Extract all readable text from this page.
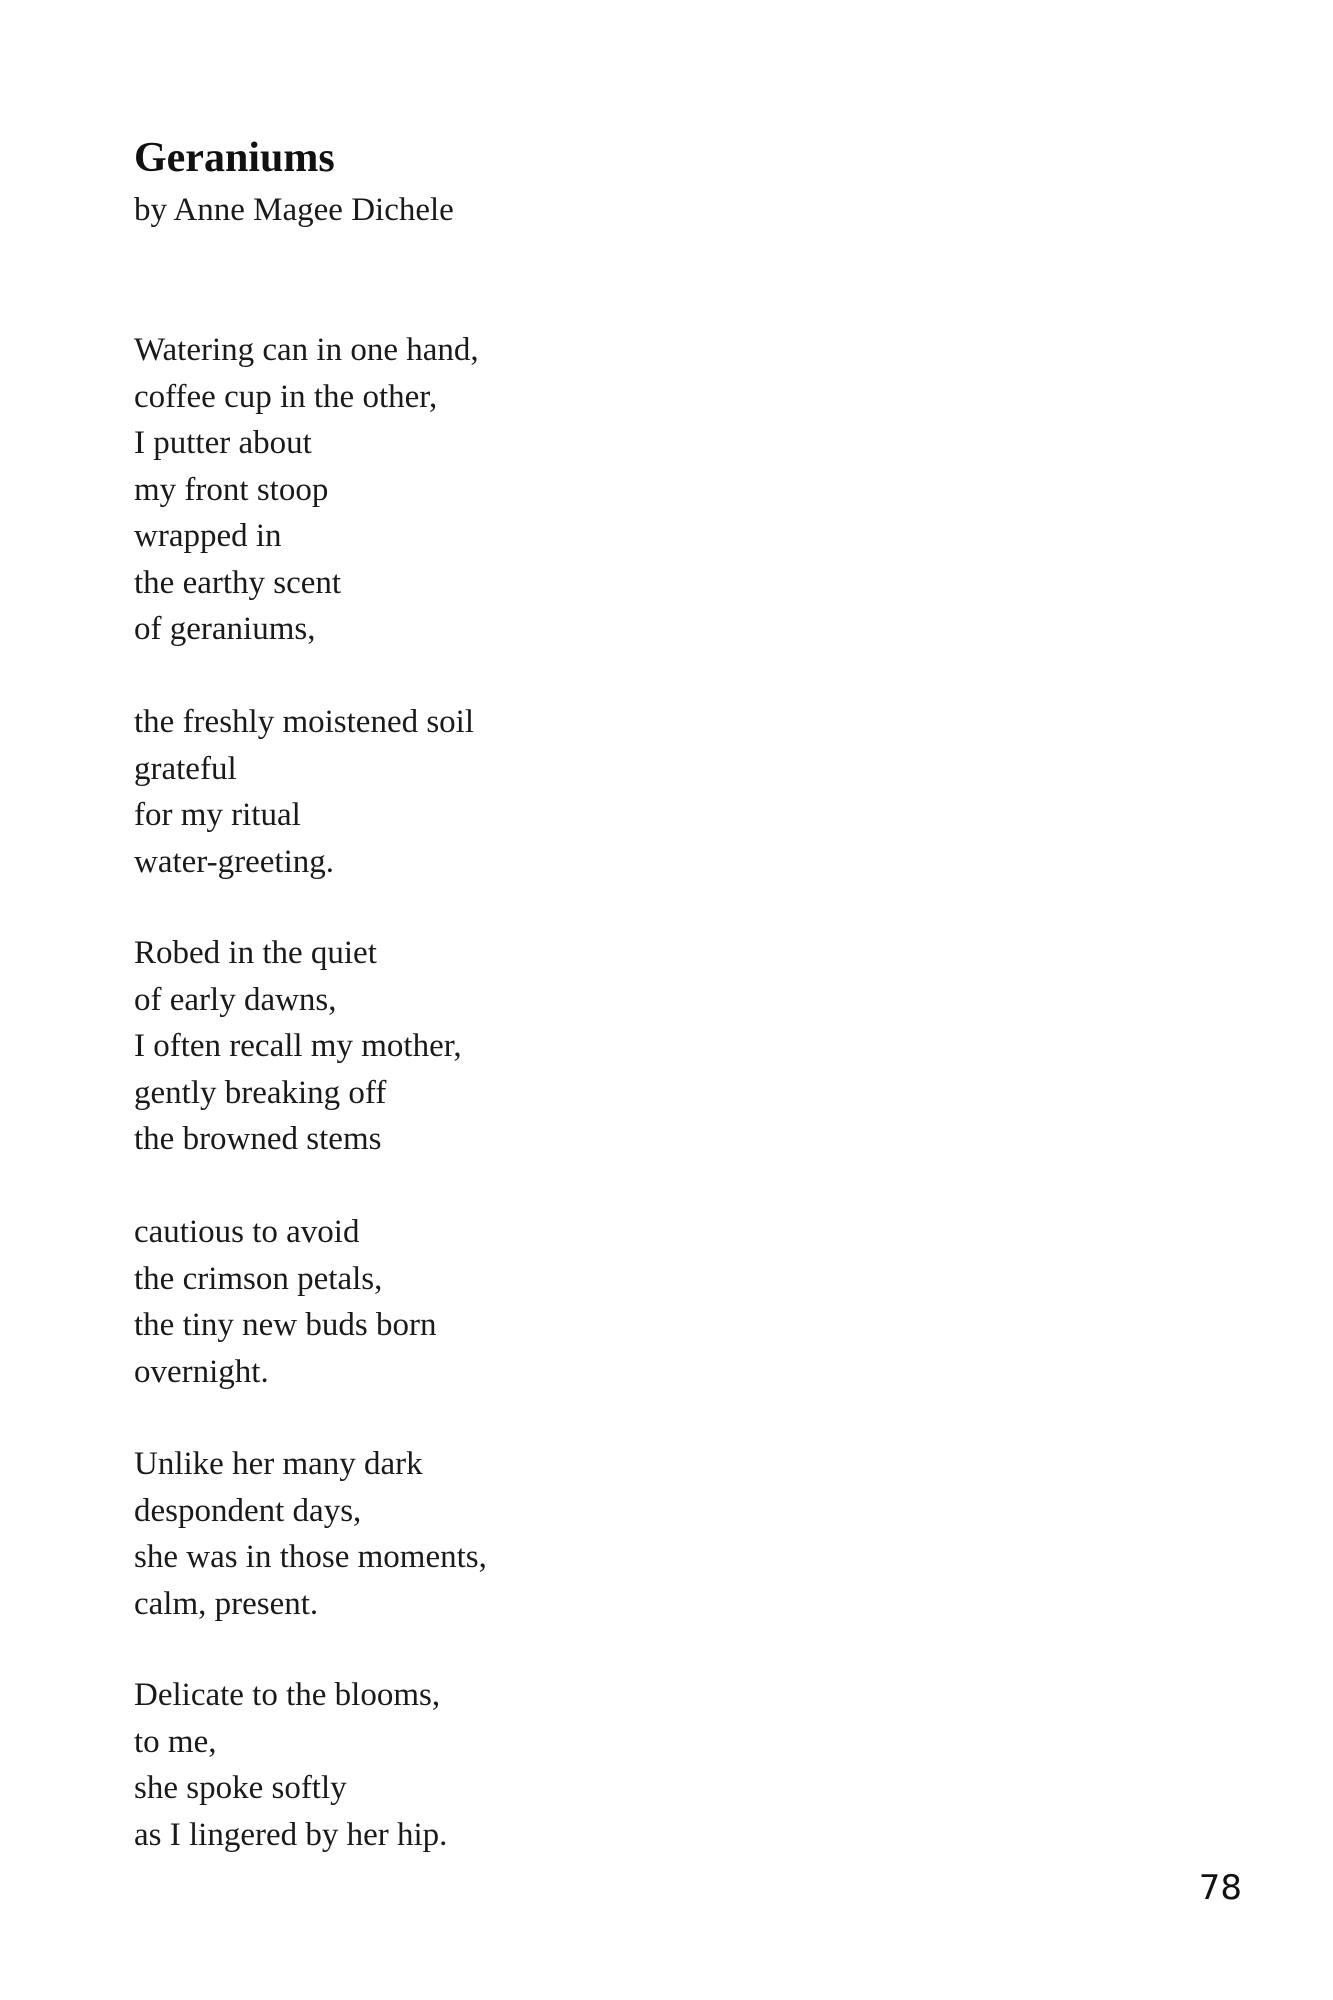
Geraniums

by Anne Magee Dichele

Watering can in one hand,
coffee cup in the other,
I putter about
my front stoop
wrapped in
the earthy scent
of geraniums,
the freshly moistened soil
grateful
for my ritual
water-greeting.
Robed in the quiet
of early dawns,
I often recall my mother,
gently breaking off
the browned stems
cautious to avoid
the crimson petals,
the tiny new buds born
overnight.
Unlike her many dark
despondent days,
she was in those moments,
calm, present.
Delicate to the blooms,
to me,
she spoke softly
as I lingered by her hip.

78
